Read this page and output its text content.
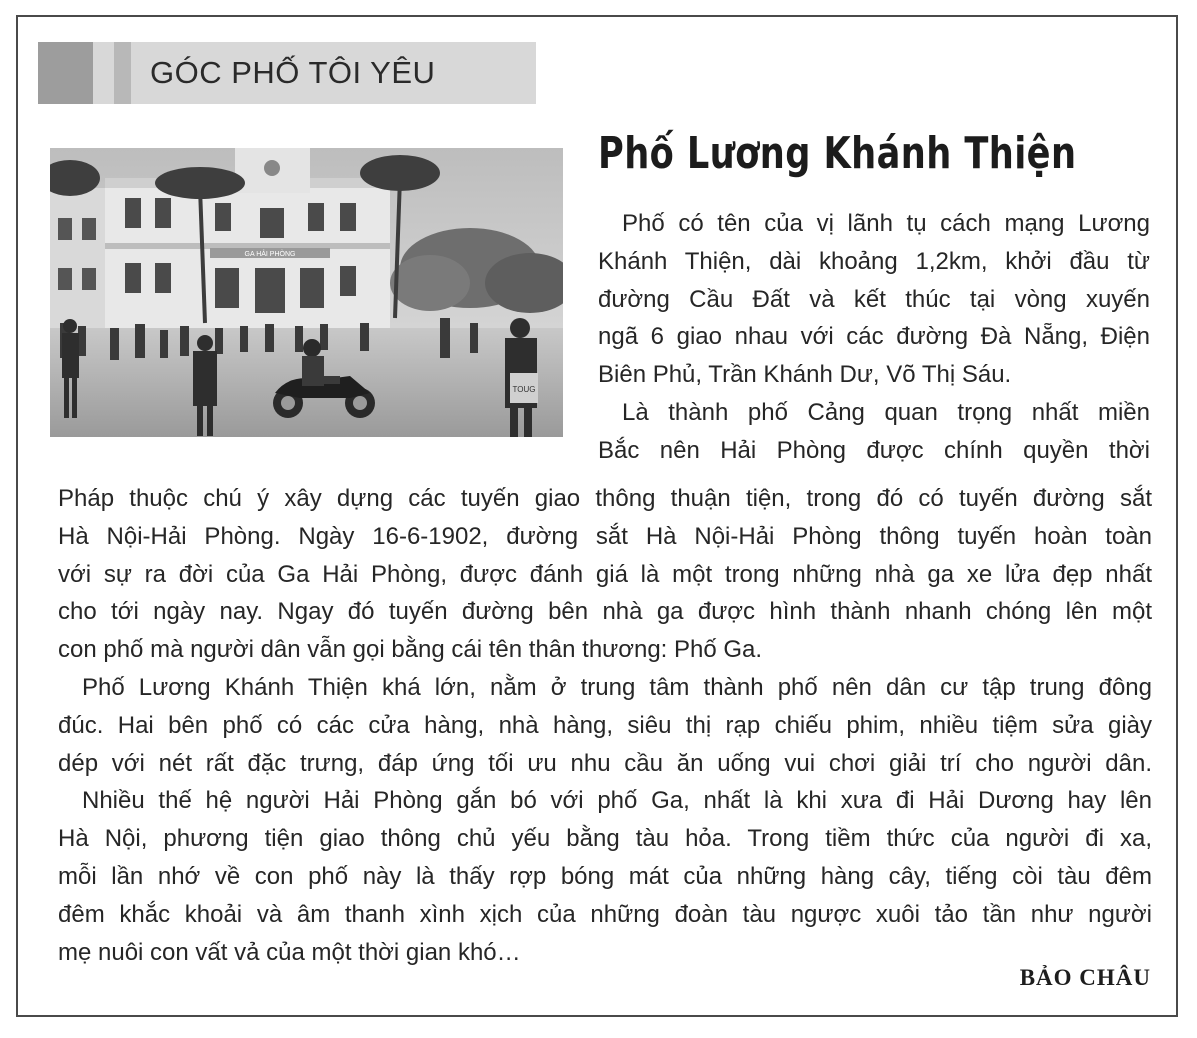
GÓC PHỐ TÔI YÊU
GA HẢI PHÒNG
TOUG
Phố Lương Khánh Thiện
Phố có tên của vị lãnh tụ cách mạng Lương
Khánh Thiện, dài khoảng 1,2km, khởi đầu từ
đường Cầu Đất và kết thúc tại vòng xuyến
ngã 6 giao nhau với các đường Đà Nẵng, Điện
Biên Phủ, Trần Khánh Dư, Võ Thị Sáu.
Là thành phố Cảng quan trọng nhất miền
Bắc nên Hải Phòng được chính quyền thời
Pháp thuộc chú ý xây dựng các tuyến giao thông thuận tiện, trong đó có tuyến đường sắt
Hà Nội-Hải Phòng. Ngày 16-6-1902, đường sắt Hà Nội-Hải Phòng thông tuyến hoàn toàn
với sự ra đời của Ga Hải Phòng, được đánh giá là một trong những nhà ga xe lửa đẹp nhất
cho tới ngày nay. Ngay đó tuyến đường bên nhà ga được hình thành nhanh chóng lên một
con phố mà người dân vẫn gọi bằng cái tên thân thương: Phố Ga.
Phố Lương Khánh Thiện khá lớn, nằm ở trung tâm thành phố nên dân cư tập trung đông
đúc. Hai bên phố có các cửa hàng, nhà hàng, siêu thị rạp chiếu phim, nhiều tiệm sửa giày
dép với nét rất đặc trưng, đáp ứng tối ưu nhu cầu ăn uống vui chơi giải trí cho người dân.
Nhiều thế hệ người Hải Phòng gắn bó với phố Ga, nhất là khi xưa đi Hải Dương hay lên
Hà Nội, phương tiện giao thông chủ yếu bằng tàu hỏa. Trong tiềm thức của người đi xa,
mỗi lần nhớ về con phố này là thấy rợp bóng mát của những hàng cây, tiếng còi tàu đêm
đêm khắc khoải và âm thanh xình xịch của những đoàn tàu ngược xuôi tảo tần như người
mẹ nuôi con vất vả của một thời gian khó…
BẢO CHÂU
